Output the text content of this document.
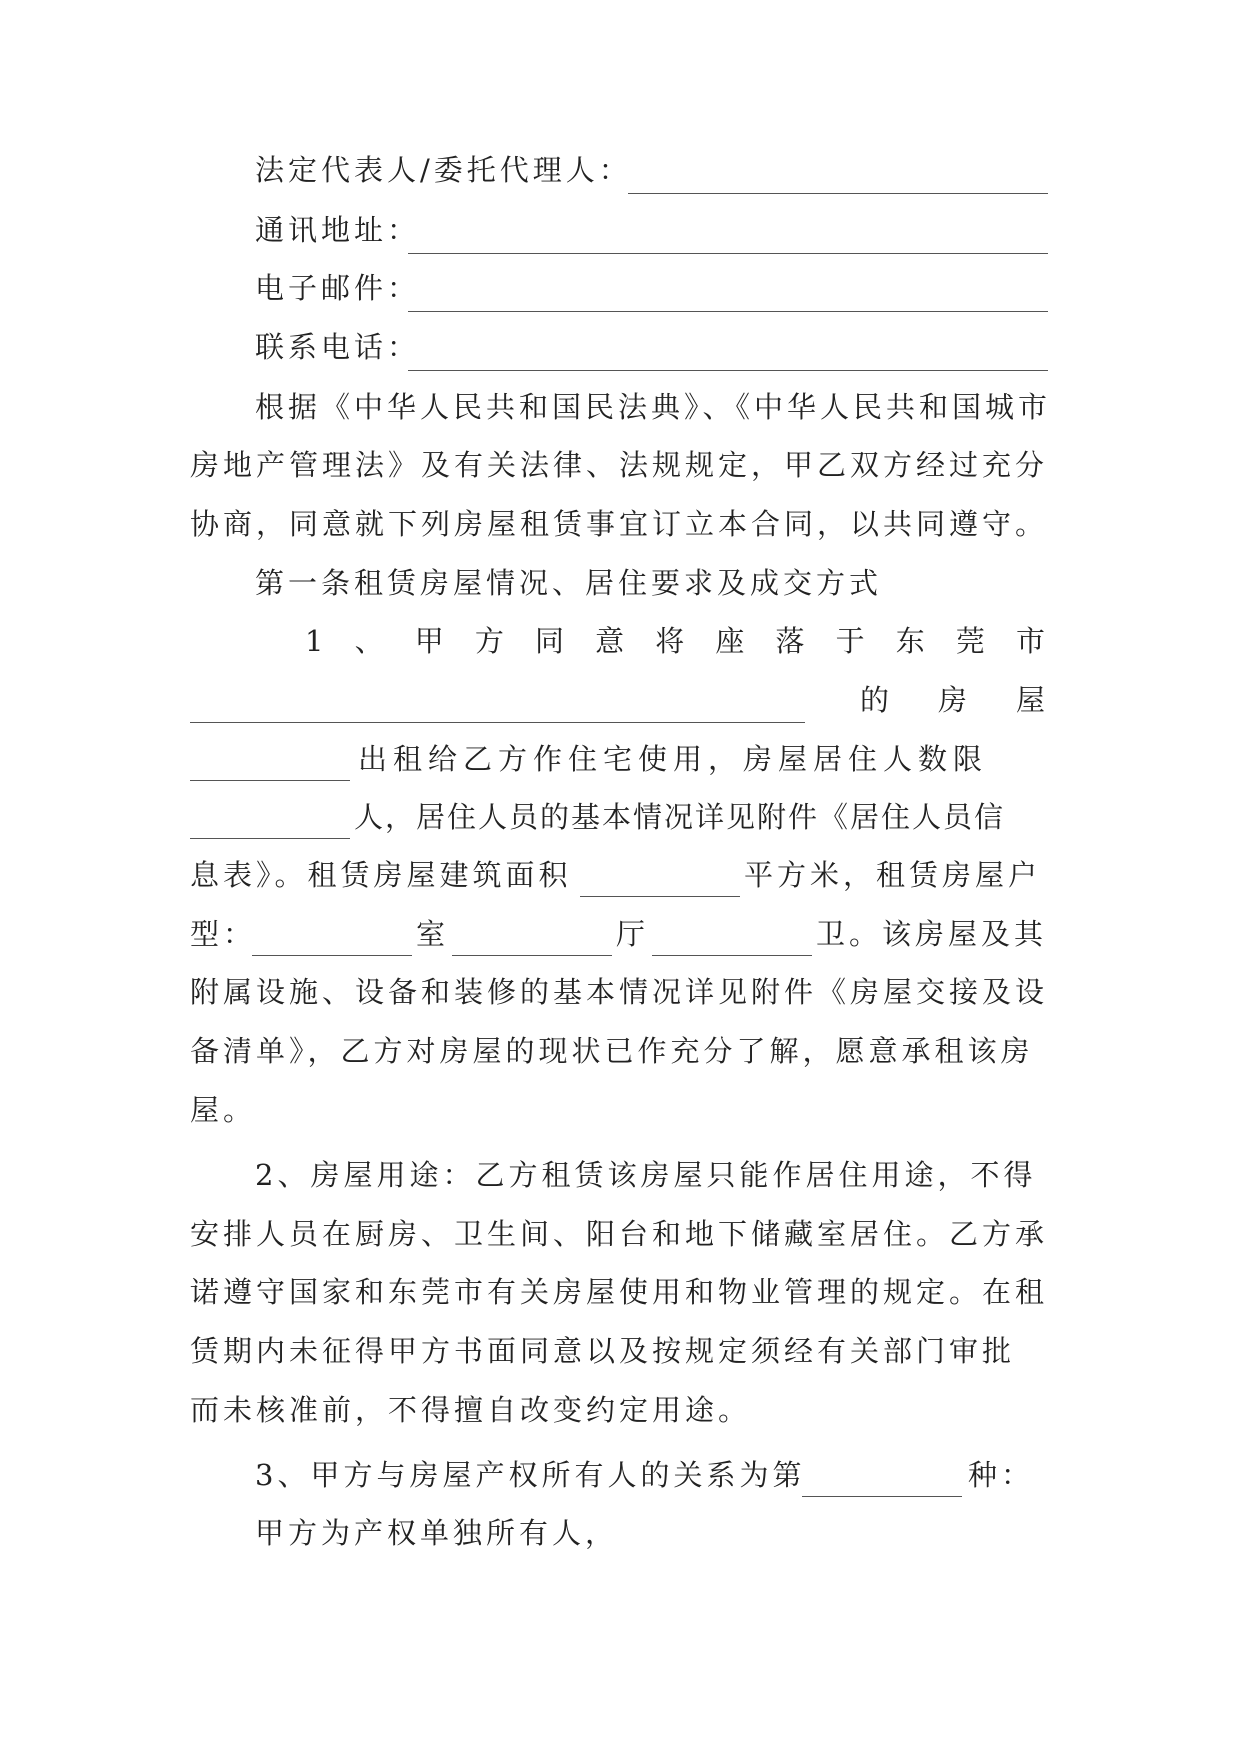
法定代表人/委托代理人：
通讯地址：
电子邮件：
联系电话：
根据《中华人民共和国民法典》、《中华人民共和国城市
房地产管理法》及有关法律、法规规定，甲乙双方经过充分
协商，同意就下列房屋租赁事宜订立本合同，以共同遵守。
第一条租赁房屋情况、居住要求及成交方式
1 、 甲 方 同 意 将 座 落 于 东 莞 市
的 房 屋
出租给乙方作住宅使用，房屋居住人数限
人，居住人员的基本情况详见附件《居住人员信
息表》。租赁房屋建筑面积	平方米，租赁房屋户
型：	室	厅	卫。该房屋及其
附属设施、设备和装修的基本情况详见附件《房屋交接及设
备清单》，乙方对房屋的现状已作充分了解，愿意承租该房
屋。
2、房屋用途：乙方租赁该房屋只能作居住用途，不得
安排人员在厨房、卫生间、阳台和地下储藏室居住。乙方承
诺遵守国家和东莞市有关房屋使用和物业管理的规定。在租
赁期内未征得甲方书面同意以及按规定须经有关部门审批
而未核准前，不得擅自改变约定用途。
3、甲方与房屋产权所有人的关系为第	种：
甲方为产权单独所有人，
